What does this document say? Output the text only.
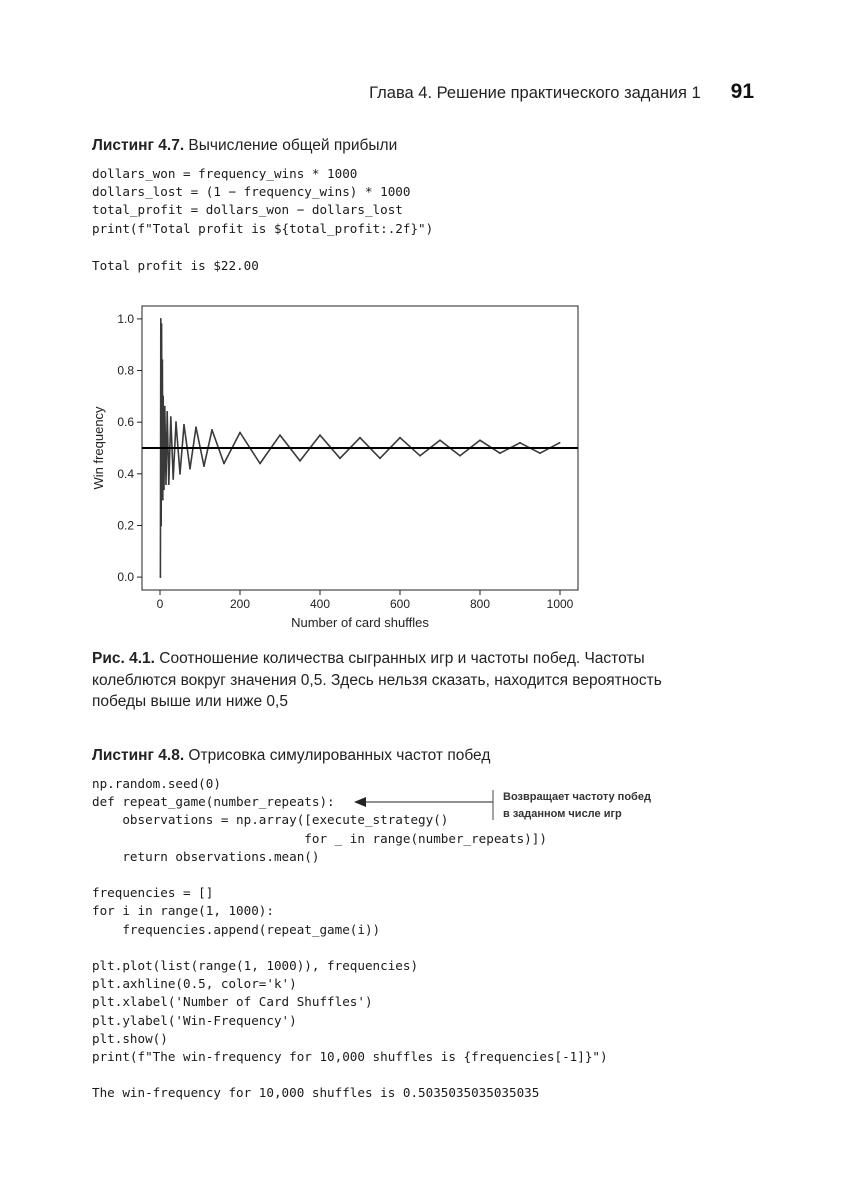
Глава 4. Решение практического задания 1 91
Листинг 4.7. Вычисление общей прибыли
dollars_won = frequency_wins * 1000
dollars_lost = (1 − frequency_wins) * 1000
total_profit = dollars_won − dollars_lost
print(f"Total profit is ${total_profit:.2f}")
Total profit is $22.00
0	200	400	600	800	1000
0.0
0.2
0.4
0.6
0.8
1.0
Number of card shuffles
Win frequency
Рис. 4.1. Соотношение количества сыгранных игр и частоты побед. Частоты колеблются вокруг значения 0,5. Здесь нельзя сказать, находится вероятность победы выше или ниже 0,5
Листинг 4.8. Отрисовка симулированных частот побед
np.random.seed(0)
def repeat_game(number_repeats):
observations = np.array([execute_strategy()
for _ in range(number_repeats)])
return observations.mean()

frequencies = []
for i in range(1, 1000):
frequencies.append(repeat_game(i))

plt.plot(list(range(1, 1000)), frequencies)
plt.axhline(0.5, color='k')
plt.xlabel('Number of Card Shuffles')
plt.ylabel('Win-Frequency')
plt.show()
print(f"The win-frequency for 10,000 shuffles is {frequencies[-1]}")
The win-frequency for 10,000 shuffles is 0.5035035035035035
Возвращает частоту побед
в заданном числе игр
